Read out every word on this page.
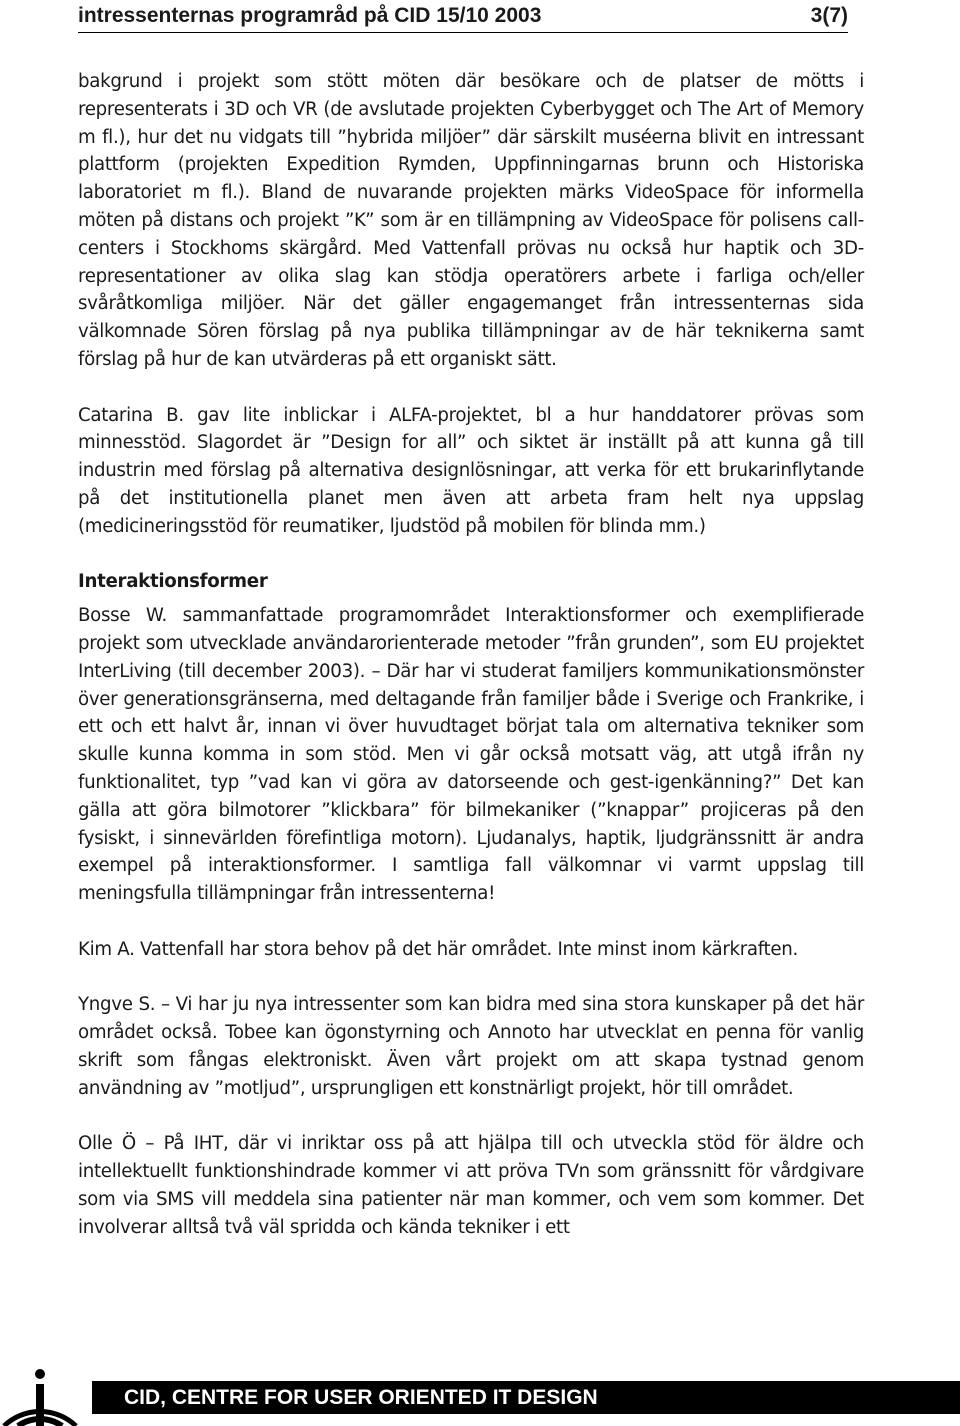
intressenternas programråd på CID 15/10 2003	3(7)

bakgrund i projekt som stött möten där besökare och de platser de mötts i representerats i 3D och VR (de avslutade projekten Cyberbygget och The Art of Memory m fl.), hur det nu vidgats till ”hybrida miljöer” där särskilt muséerna blivit en intressant plattform (projekten Expedition Rymden, Uppfinningarnas brunn och Historiska laboratoriet m fl.). Bland de nuvarande projekten märks VideoSpace för informella möten på distans och projekt ”K” som är en tillämpning av VideoSpace för polisens call-centers i Stockhoms skärgård. Med Vattenfall prövas nu också hur haptik och 3D-representationer av olika slag kan stödja operatörers arbete i farliga och/eller svåråtkomliga miljöer. När det gäller engagemanget från intressenternas sida välkomnade Sören förslag på nya publika tillämpningar av de här teknikerna samt förslag på hur de kan utvärderas på ett organiskt sätt.

Catarina B. gav lite inblickar i ALFA-projektet, bl a hur handdatorer prövas som minnesstöd. Slagordet är ”Design for all” och siktet är inställt på att kunna gå till industrin med förslag på alternativa designlösningar, att verka för ett brukarinflytande på det institutionella planet men även att arbeta fram helt nya uppslag (medicineringsstöd för reumatiker, ljudstöd på mobilen för blinda mm.)

Interaktionsformer

Bosse W. sammanfattade programområdet Interaktionsformer och exemplifierade projekt som utvecklade användarorienterade metoder ”från grunden”, som EU projektet InterLiving (till december 2003). – Där har vi studerat familjers kommunikationsmönster över generationsgränserna, med deltagande från familjer både i Sverige och Frankrike, i ett och ett halvt år, innan vi över huvudtaget börjat tala om alternativa tekniker som skulle kunna komma in som stöd. Men vi går också motsatt väg, att utgå ifrån ny funktionalitet, typ ”vad kan vi göra av datorseende och gest-igenkänning?” Det kan gälla att göra bilmotorer ”klickbara” för bilmekaniker (”knappar” projiceras på den fysiskt, i sinnevärlden förefintliga motorn). Ljudanalys, haptik, ljudgränssnitt är andra exempel på interaktionsformer. I samtliga fall välkomnar vi varmt uppslag till meningsfulla tillämpningar från intressenterna!

Kim A. Vattenfall har stora behov på det här området. Inte minst inom kärkraften.

Yngve S. – Vi har ju nya intressenter som kan bidra med sina stora kunskaper på det här området också. Tobee kan ögonstyrning och Annoto har utvecklat en penna för vanlig skrift som fångas elektroniskt. Även vårt projekt om att skapa tystnad genom användning av ”motljud”, ursprungligen ett konstnärligt projekt, hör till området.

Olle Ö – På IHT, där vi inriktar oss på att hjälpa till och utveckla stöd för äldre och intellektuellt funktionshindrade kommer vi att pröva TVn som gränssnitt för vårdgivare som via SMS vill meddela sina patienter när man kommer, och vem som kommer. Det involverar alltså två väl spridda och kända tekniker i ett

CID, CENTRE FOR USER ORIENTED IT DESIGN
